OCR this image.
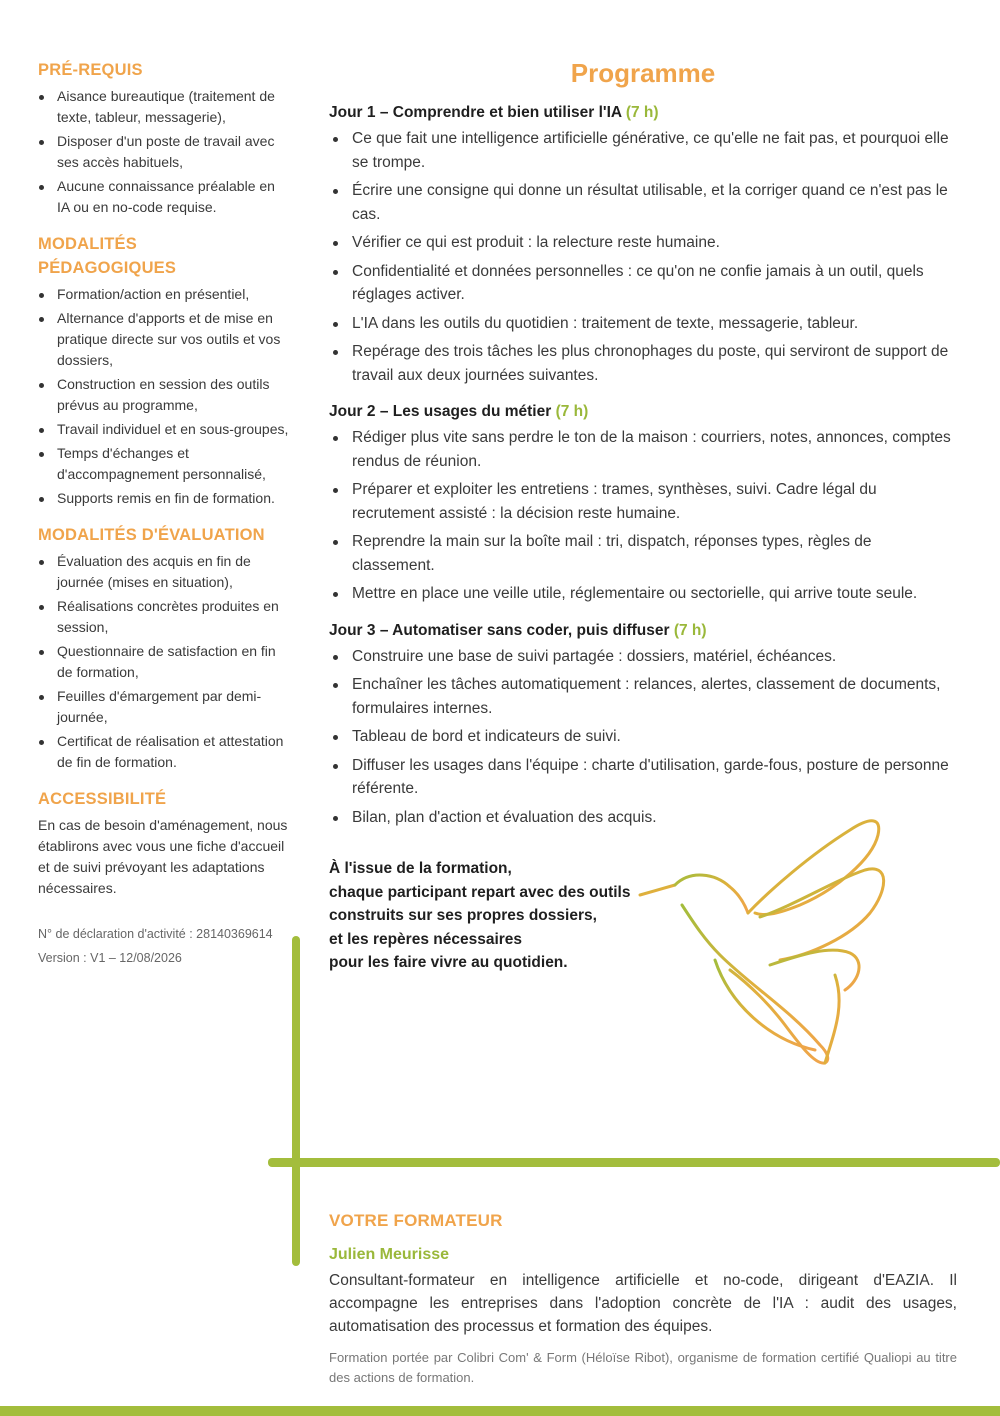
PRÉ-REQUIS
Aisance bureautique (traitement de texte, tableur, messagerie),
Disposer d'un poste de travail avec ses accès habituels,
Aucune connaissance préalable en IA ou en no-code requise.
MODALITÉS
PÉDAGOGIQUES
Formation/action en présentiel,
Alternance d'apports et de mise en pratique directe sur vos outils et vos dossiers,
Construction en session des outils prévus au programme,
Travail individuel et en sous-groupes,
Temps d'échanges et d'accompagnement personnalisé,
Supports remis en fin de formation.
MODALITÉS D'ÉVALUATION
Évaluation des acquis en fin de journée (mises en situation),
Réalisations concrètes produites en session,
Questionnaire de satisfaction en fin de formation,
Feuilles d'émargement par demi-journée,
Certificat de réalisation et attestation de fin de formation.
ACCESSIBILITÉ

En cas de besoin d'aménagement, nous établirons avec vous une fiche d'accueil et de suivi prévoyant les adaptations nécessaires.

N° de déclaration d'activité : 28140369614

Version : V1 – 12/08/2026

Programme

Jour 1 – Comprendre et bien utiliser l'IA (7 h)

Ce que fait une intelligence artificielle générative, ce qu'elle ne fait pas, et pourquoi elle se trompe.
Écrire une consigne qui donne un résultat utilisable, et la corriger quand ce n'est pas le cas.
Vérifier ce qui est produit : la relecture reste humaine.
Confidentialité et données personnelles : ce qu'on ne confie jamais à un outil, quels réglages activer.
L'IA dans les outils du quotidien : traitement de texte, messagerie, tableur.
Repérage des trois tâches les plus chronophages du poste, qui serviront de support de travail aux deux journées suivantes.

Jour 2 – Les usages du métier (7 h)

Rédiger plus vite sans perdre le ton de la maison : courriers, notes, annonces, comptes rendus de réunion.
Préparer et exploiter les entretiens : trames, synthèses, suivi. Cadre légal du recrutement assisté : la décision reste humaine.
Reprendre la main sur la boîte mail : tri, dispatch, réponses types, règles de classement.
Mettre en place une veille utile, réglementaire ou sectorielle, qui arrive toute seule.

Jour 3 – Automatiser sans coder, puis diffuser (7 h)

Construire une base de suivi partagée : dossiers, matériel, échéances.
Enchaîner les tâches automatiquement : relances, alertes, classement de documents, formulaires internes.
Tableau de bord et indicateurs de suivi.
Diffuser les usages dans l'équipe : charte d'utilisation, garde-fous, posture de personne référente.
Bilan, plan d'action et évaluation des acquis.
À l'issue de la formation,
chaque participant repart avec des outils
construits sur ses propres dossiers,
et les repères nécessaires
pour les faire vivre au quotidien.
VOTRE FORMATEUR

Julien Meurisse

Consultant-formateur en intelligence artificielle et no-code, dirigeant d'EAZIA. Il accompagne les entreprises dans l'adoption concrète de l'IA : audit des usages, automatisation des processus et formation des équipes.

Formation portée par Colibri Com' & Form (Héloïse Ribot), organisme de formation certifié Qualiopi au titre des actions de formation.
